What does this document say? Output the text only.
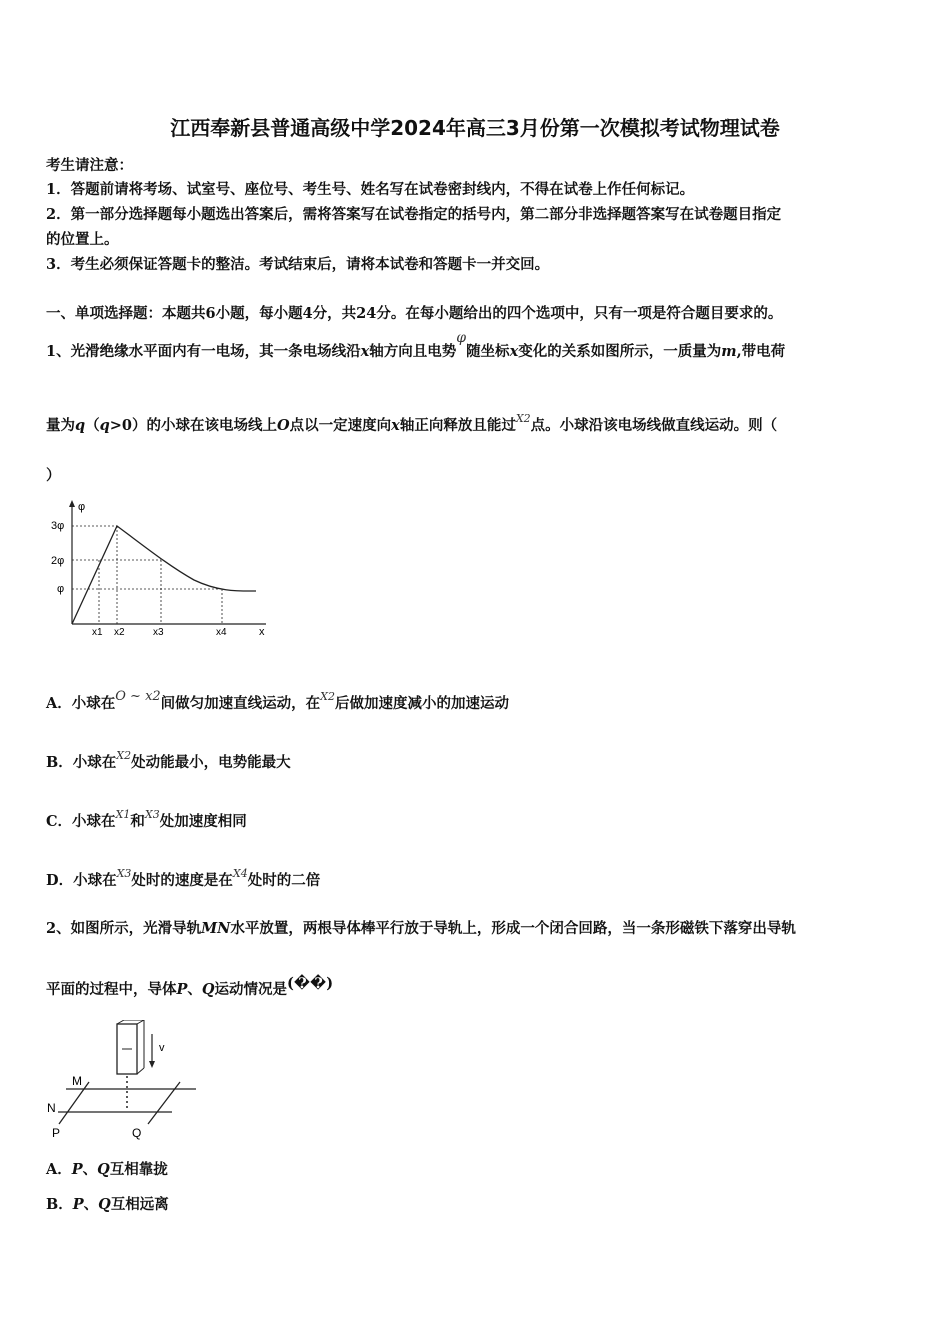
江西奉新县普通高级中学2024年高三3月份第一次模拟考试物理试卷
考生请注意：
1．答题前请将考场、试室号、座位号、考生号、姓名写在试卷密封线内，不得在试卷上作任何标记。
2．第一部分选择题每小题选出答案后，需将答案写在试卷指定的括号内，第二部分非选择题答案写在试卷题目指定
的位置上。
3．考生必须保证答题卡的整洁。考试结束后，请将本试卷和答题卡一并交回。
一、单项选择题：本题共6小题，每小题4分，共24分。在每小题给出的四个选项中，只有一项是符合题目要求的。
1、光滑绝缘水平面内有一电场，其一条电场线沿x轴方向且电势φ随坐标x变化的关系如图所示，一质量为m,带电荷
量为q（q>0）的小球在该电场线上O点以一定速度向x轴正向释放且能过$^{X2}$点。小球沿该电场线做直线运动。则（
）
φ
x
3φ
2φ
φ
x1 x2	x3	x4
A．小球在O ~ x2间做匀加速直线运动，在$^{X2}$后做加速度减小的加速运动
B．小球在$^{X2}$处动能最小，电势能最大
C．小球在$^{X1}$和$^{X3}$处加速度相同
D．小球在$^{X3}$处时的速度是在$^{X4}$处时的二倍
2、如图所示，光滑导轨MN水平放置，两根导体棒平行放于导轨上，形成一个闭合回路，当一条形磁铁下落穿出导轨
平面的过程中，导体P、Q运动情况是(��)
v
M
N
P	Q
A．P、Q互相靠拢
B．P、Q互相远离
